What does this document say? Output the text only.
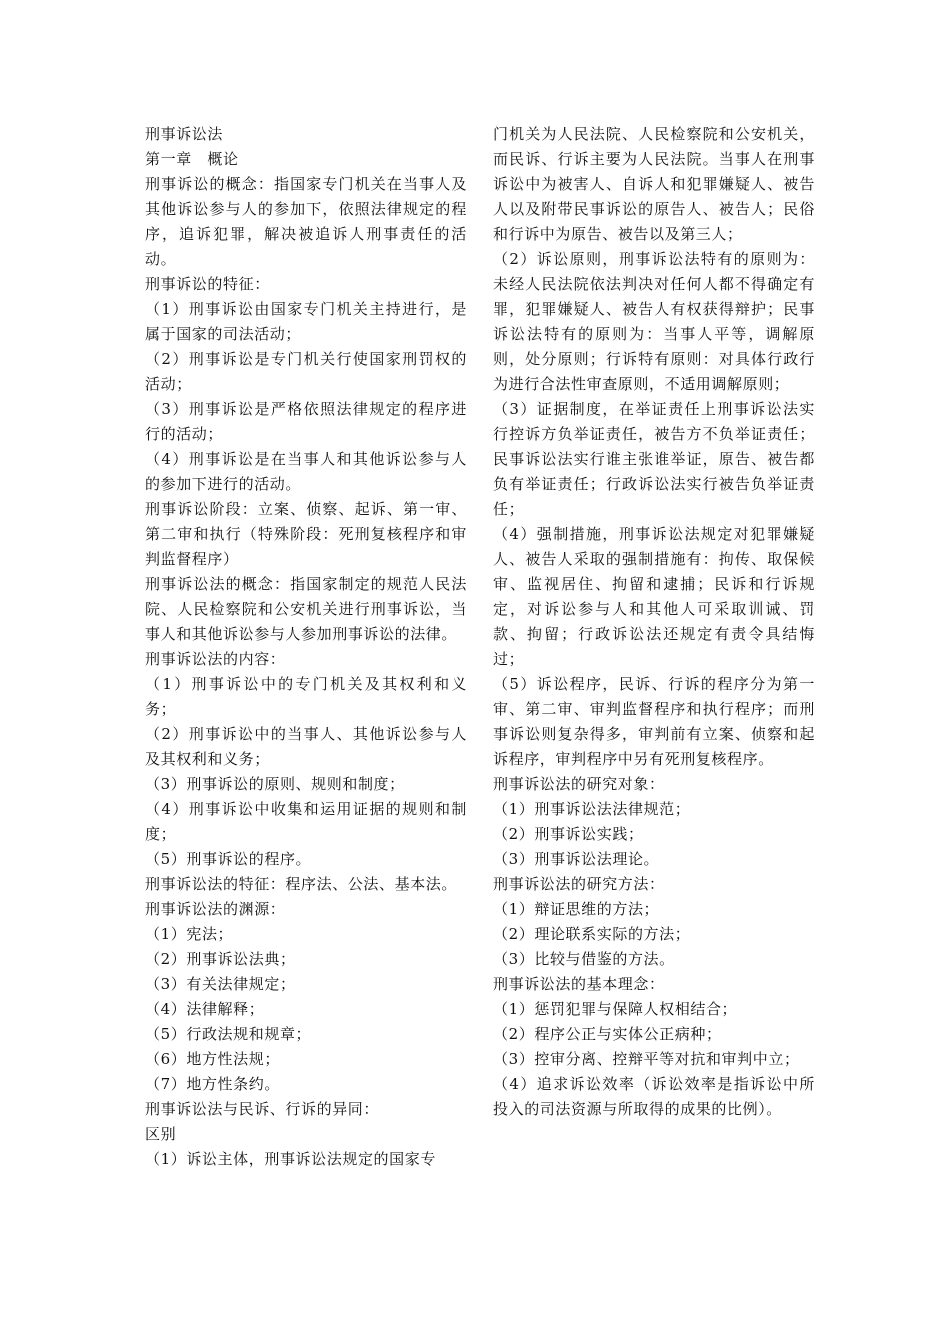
刑事诉讼法

第一章　概论

刑事诉讼的概念：指国家专门机关在当事人及其他诉讼参与人的参加下，依照法律规定的程序，追诉犯罪，解决被追诉人刑事责任的活动。

刑事诉讼的特征：

（1）刑事诉讼由国家专门机关主持进行，是属于国家的司法活动；

（2）刑事诉讼是专门机关行使国家刑罚权的活动；

（3）刑事诉讼是严格依照法律规定的程序进行的活动；

（4）刑事诉讼是在当事人和其他诉讼参与人的参加下进行的活动。

刑事诉讼阶段：立案、侦察、起诉、第一审、第二审和执行（特殊阶段：死刑复核程序和审判监督程序）

刑事诉讼法的概念：指国家制定的规范人民法院、人民检察院和公安机关进行刑事诉讼，当事人和其他诉讼参与人参加刑事诉讼的法律。

刑事诉讼法的内容：

（1）刑事诉讼中的专门机关及其权利和义务；

（2）刑事诉讼中的当事人、其他诉讼参与人及其权利和义务；

（3）刑事诉讼的原则、规则和制度；

（4）刑事诉讼中收集和运用证据的规则和制度；

（5）刑事诉讼的程序。

刑事诉讼法的特征：程序法、公法、基本法。

刑事诉讼法的渊源：

（1）宪法；

（2）刑事诉讼法典；

（3）有关法律规定；

（4）法律解释；

（5）行政法规和规章；

（6）地方性法规；

（7）地方性条约。

刑事诉讼法与民诉、行诉的异同：

区别

（1）诉讼主体，刑事诉讼法规定的国家专

门机关为人民法院、人民检察院和公安机关，而民诉、行诉主要为人民法院。当事人在刑事诉讼中为被害人、自诉人和犯罪嫌疑人、被告人以及附带民事诉讼的原告人、被告人；民俗和行诉中为原告、被告以及第三人；

（2）诉讼原则，刑事诉讼法特有的原则为：未经人民法院依法判决对任何人都不得确定有罪，犯罪嫌疑人、被告人有权获得辩护；民事诉讼法特有的原则为：当事人平等，调解原则，处分原则；行诉特有原则：对具体行政行为进行合法性审查原则，不适用调解原则；

（3）证据制度，在举证责任上刑事诉讼法实行控诉方负举证责任，被告方不负举证责任；民事诉讼法实行谁主张谁举证，原告、被告都负有举证责任；行政诉讼法实行被告负举证责任；

（4）强制措施，刑事诉讼法规定对犯罪嫌疑人、被告人采取的强制措施有：拘传、取保候审、监视居住、拘留和逮捕；民诉和行诉规定，对诉讼参与人和其他人可采取训诫、罚款、拘留；行政诉讼法还规定有责令具结悔过；

（5）诉讼程序，民诉、行诉的程序分为第一审、第二审、审判监督程序和执行程序；而刑事诉讼则复杂得多，审判前有立案、侦察和起诉程序，审判程序中另有死刑复核程序。

刑事诉讼法的研究对象：

（1）刑事诉讼法法律规范；

（2）刑事诉讼实践；

（3）刑事诉讼法理论。

刑事诉讼法的研究方法：

（1）辩证思维的方法；

（2）理论联系实际的方法；

（3）比较与借鉴的方法。

刑事诉讼法的基本理念：

（1）惩罚犯罪与保障人权相结合；

（2）程序公正与实体公正病种；

（3）控审分离、控辩平等对抗和审判中立；

（4）追求诉讼效率（诉讼效率是指诉讼中所投入的司法资源与所取得的成果的比例）。
